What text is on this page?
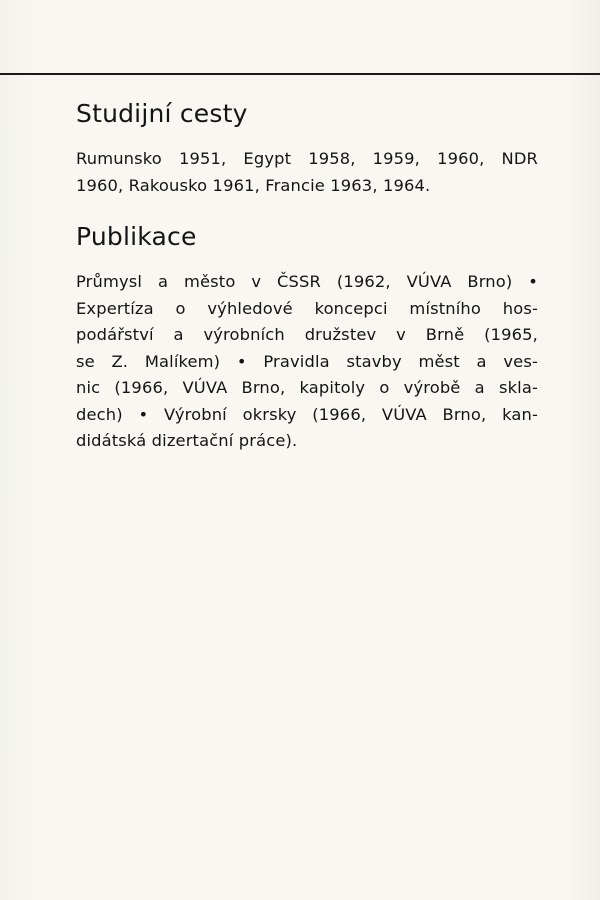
Studijní cesty

Rumunsko 1951, Egypt 1958, 1959, 1960, NDR
1960, Rakousko 1961, Francie 1963, 1964.

Publikace

Průmysl a město v ČSSR (1962, VÚVA Brno) •
Expertíza o výhledové koncepci místního hos-
podářství a výrobních družstev v Brně (1965,
se Z. Malíkem) • Pravidla stavby měst a ves-
nic (1966, VÚVA Brno, kapitoly o výrobě a skla-
dech) • Výrobní okrsky (1966, VÚVA Brno, kan-
didátská dizertační práce).
